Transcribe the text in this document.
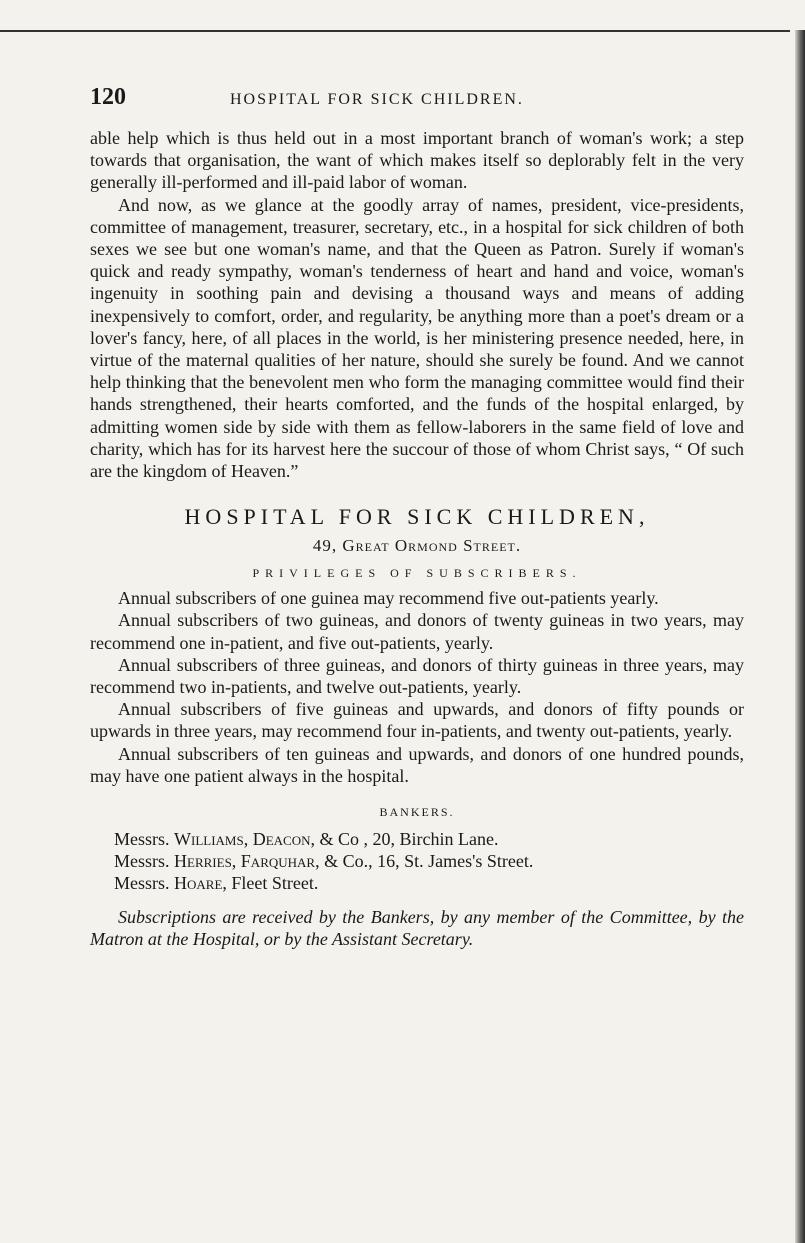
120	HOSPITAL FOR SICK CHILDREN.

able help which is thus held out in a most important branch of woman's work; a step towards that organisation, the want of which makes itself so deplorably felt in the very generally ill-performed and ill-paid labor of woman.

And now, as we glance at the goodly array of names, president, vice-presidents, committee of management, treasurer, secretary, etc., in a hospital for sick children of both sexes we see but one woman's name, and that the Queen as Patron. Surely if woman's quick and ready sympathy, woman's tenderness of heart and hand and voice, woman's ingenuity in soothing pain and devising a thousand ways and means of adding inexpensively to comfort, order, and regularity, be anything more than a poet's dream or a lover's fancy, here, of all places in the world, is her ministering presence needed, here, in virtue of the maternal qualities of her nature, should she surely be found. And we cannot help thinking that the benevolent men who form the managing committee would find their hands strengthened, their hearts comforted, and the funds of the hospital enlarged, by admitting women side by side with them as fellow-laborers in the same field of love and charity, which has for its harvest here the succour of those of whom Christ says, “ Of such are the kingdom of Heaven.”

HOSPITAL FOR SICK CHILDREN,
49, Great Ormond Street.
PRIVILEGES OF SUBSCRIBERS.

Annual subscribers of one guinea may recommend five out-patients yearly.

Annual subscribers of two guineas, and donors of twenty guineas in two years, may recommend one in-patient, and five out-patients, yearly.

Annual subscribers of three guineas, and donors of thirty guineas in three years, may recommend two in-patients, and twelve out-patients, yearly.

Annual subscribers of five guineas and upwards, and donors of fifty pounds or upwards in three years, may recommend four in-patients, and twenty out-patients, yearly.

Annual subscribers of ten guineas and upwards, and donors of one hundred pounds, may have one patient always in the hospital.

BANKERS.
Messrs. Williams, Deacon, & Co , 20, Birchin Lane.
Messrs. Herries, Farquhar, & Co., 16, St. James's Street.
Messrs. Hoare, Fleet Street.

Subscriptions are received by the Bankers, by any member of the Committee, by the Matron at the Hospital, or by the Assistant Secretary.
